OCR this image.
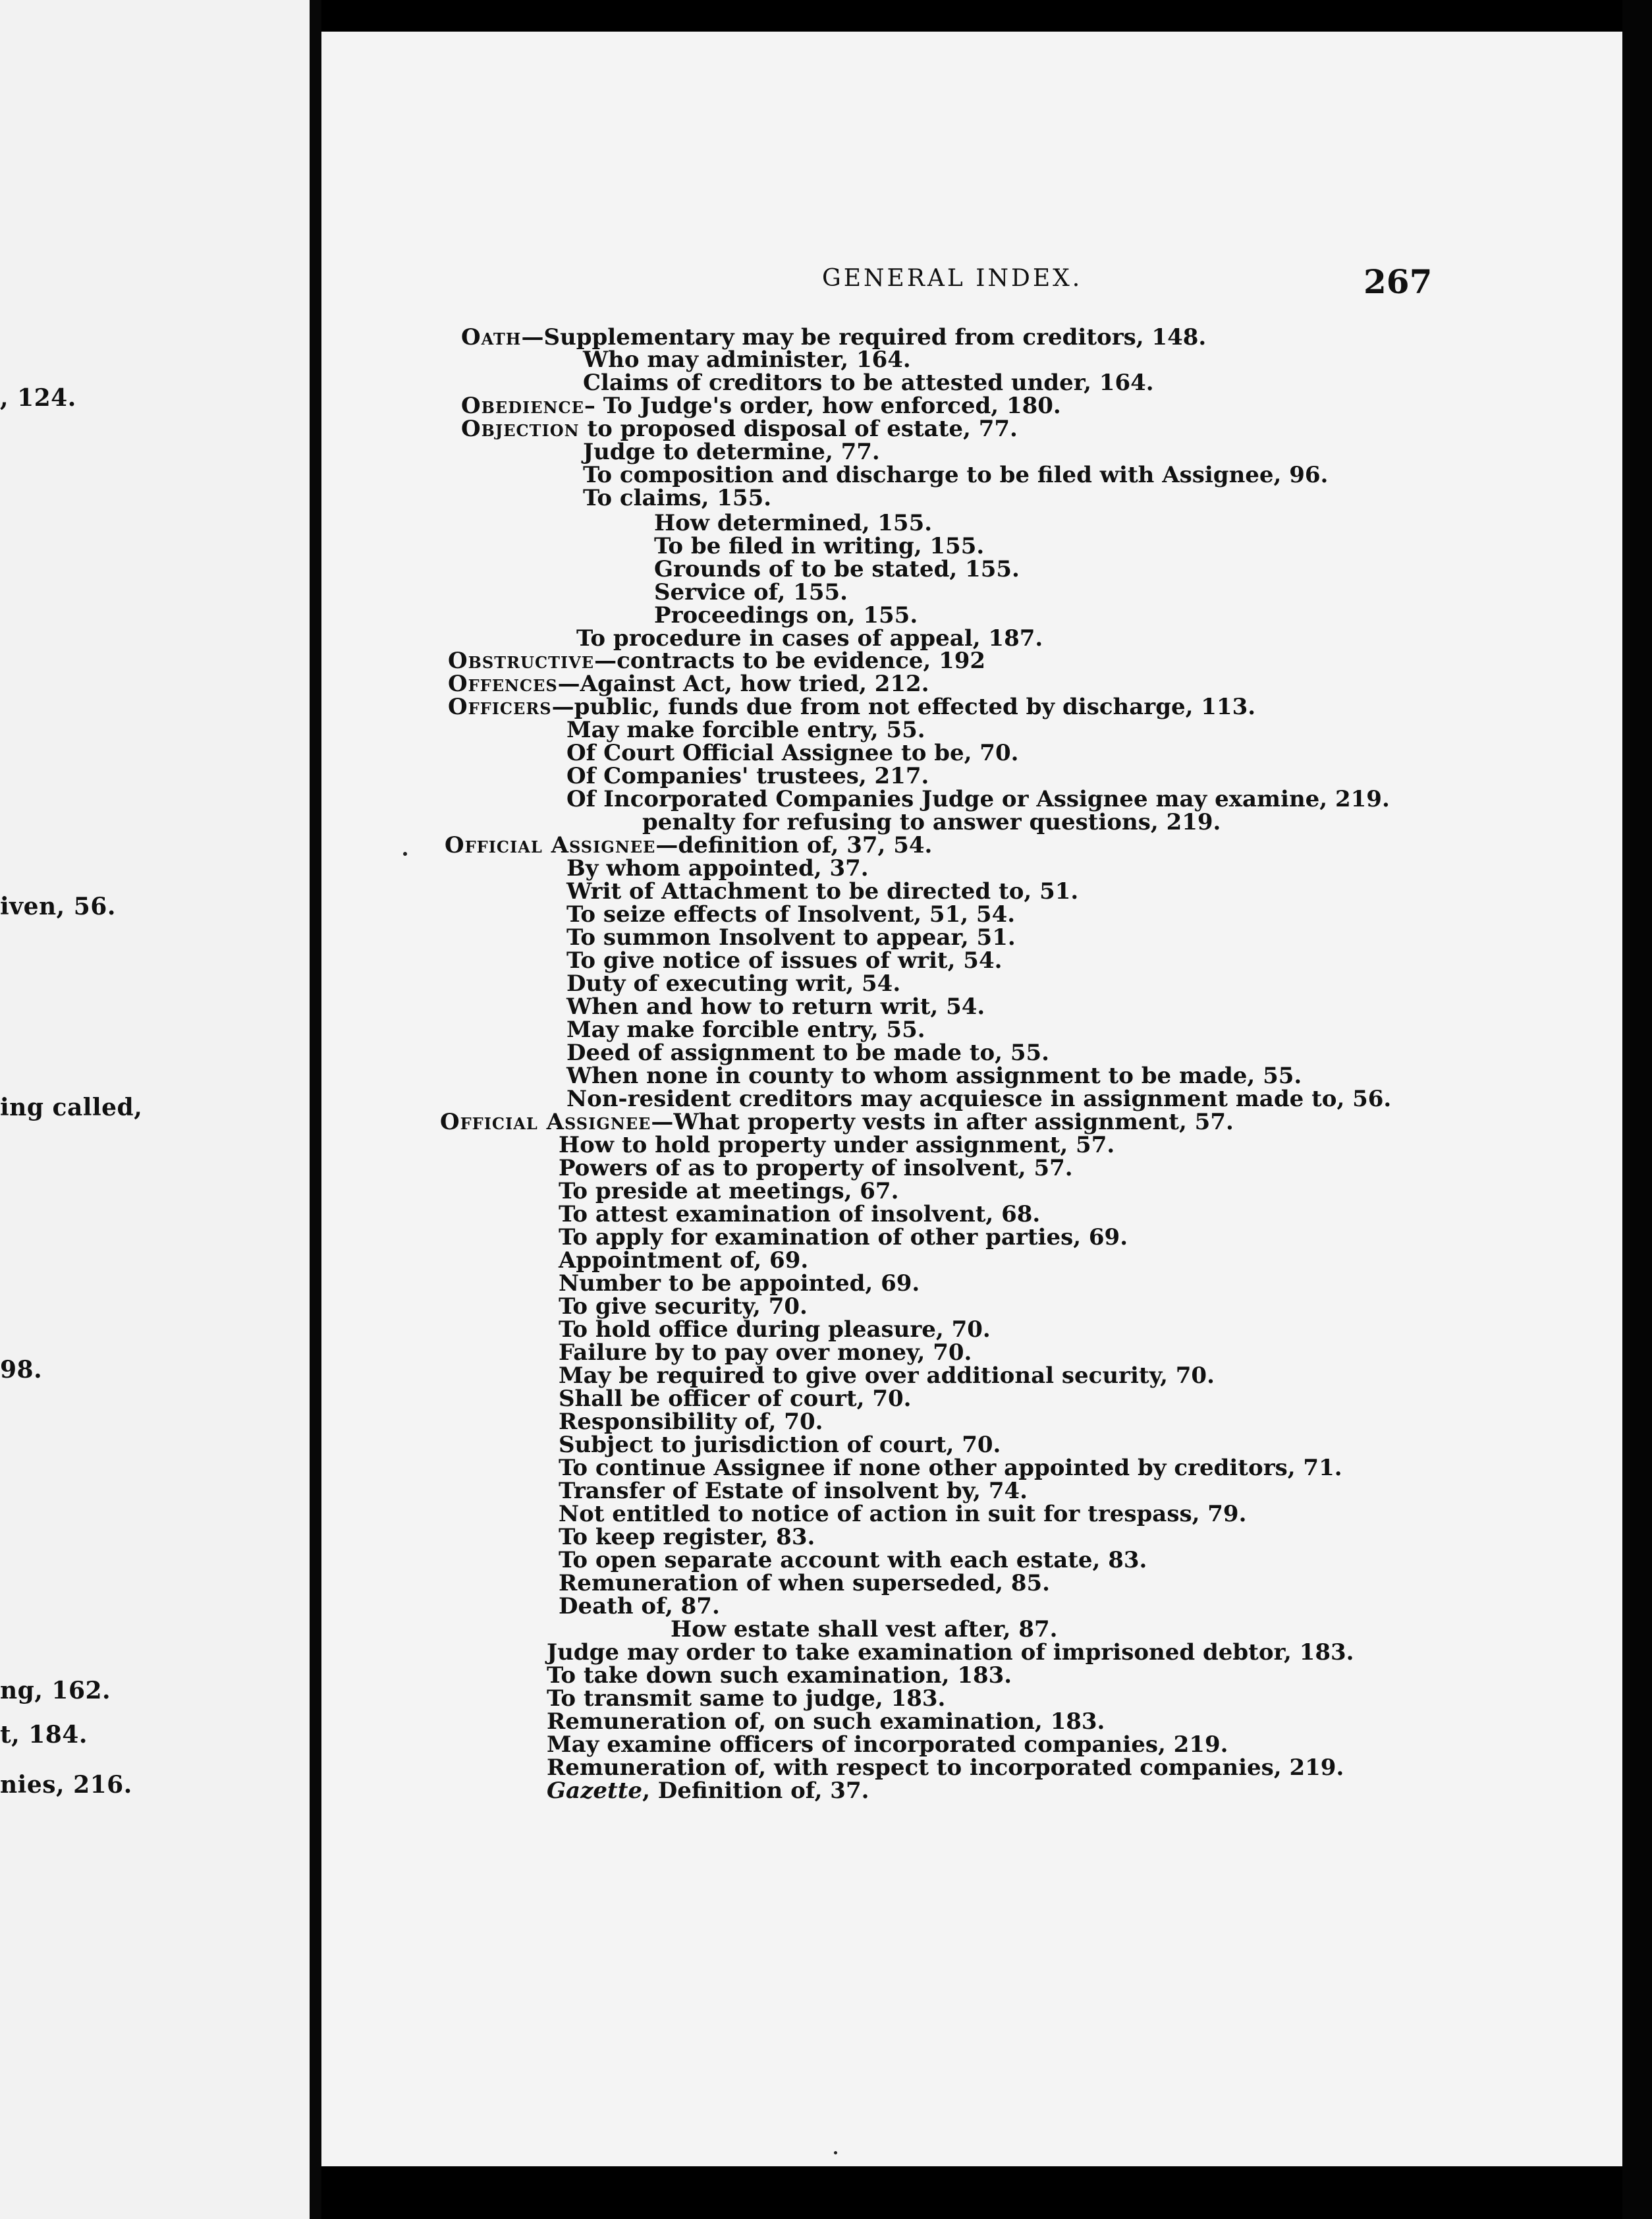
, 124.
iven, 56.
ing called,
98.
ng, 162.
t, 184.
nies, 216.
GENERAL INDEX.	267
Oath—Supplementary may be required from creditors, 148.
Who may administer, 164.
Claims of creditors to be attested under, 164.
Obedience– To Judge's order, how enforced, 180.
Objection to proposed disposal of estate, 77.
Judge to determine, 77.
To composition and discharge to be filed with Assignee, 96.
To claims, 155.
How determined, 155.
To be filed in writing, 155.
Grounds of to be stated, 155.
Service of, 155.
Proceedings on, 155.
To procedure in cases of appeal, 187.
Obstructive—contracts to be evidence, 192
Offences—Against Act, how tried, 212.
Officers—public, funds due from not effected by discharge, 113.
May make forcible entry, 55.
Of Court Official Assignee to be, 70.
Of Companies' trustees, 217.
Of Incorporated Companies Judge or Assignee may examine, 219.
penalty for refusing to answer questions, 219.
Official Assignee—definition of, 37, 54.
By whom appointed, 37.
Writ of Attachment to be directed to, 51.
To seize effects of Insolvent, 51, 54.
To summon Insolvent to appear, 51.
To give notice of issues of writ, 54.
Duty of executing writ, 54.
When and how to return writ, 54.
May make forcible entry, 55.
Deed of assignment to be made to, 55.
When none in county to whom assignment to be made, 55.
Non-resident creditors may acquiesce in assignment made to, 56.
Official Assignee—What property vests in after assignment, 57.
How to hold property under assignment, 57.
Powers of as to property of insolvent, 57.
To preside at meetings, 67.
To attest examination of insolvent, 68.
To apply for examination of other parties, 69.
Appointment of, 69.
Number to be appointed, 69.
To give security, 70.
To hold office during pleasure, 70.
Failure by to pay over money, 70.
May be required to give over additional security, 70.
Shall be officer of court, 70.
Responsibility of, 70.
Subject to jurisdiction of court, 70.
To continue Assignee if none other appointed by creditors, 71.
Transfer of Estate of insolvent by, 74.
Not entitled to notice of action in suit for trespass, 79.
To keep register, 83.
To open separate account with each estate, 83.
Remuneration of when superseded, 85.
Death of, 87.
How estate shall vest after, 87.
Judge may order to take examination of imprisoned debtor, 183.
To take down such examination, 183.
To transmit same to judge, 183.
Remuneration of, on such examination, 183.
May examine officers of incorporated companies, 219.
Remuneration of, with respect to incorporated companies, 219.
Gazette, Definition of, 37.
